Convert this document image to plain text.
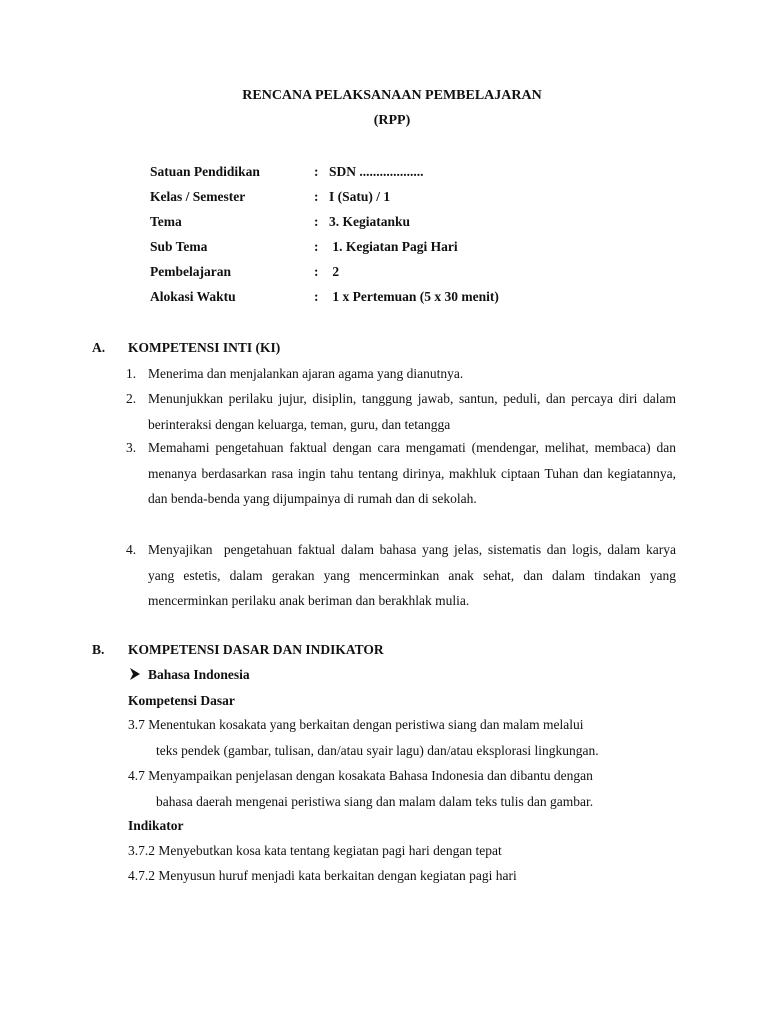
RENCANA PELAKSANAAN PEMBELAJARAN
(RPP)
Satuan Pendidikan	: SDN ...................
Kelas / Semester	: I (Satu) / 1
Tema	: 3. Kegiatanku
Sub Tema	: 1. Kegiatan Pagi Hari
Pembelajaran	: 2
Alokasi Waktu	: 1 x Pertemuan (5 x 30 menit)
A. KOMPETENSI INTI (KI)
1. Menerima dan menjalankan ajaran agama yang dianutnya.
2. Menunjukkan perilaku jujur, disiplin, tanggung jawab, santun, peduli, dan percaya diri dalam berinteraksi dengan keluarga, teman, guru, dan tetangga
3. Memahami pengetahuan faktual dengan cara mengamati (mendengar, melihat, membaca) dan menanya berdasarkan rasa ingin tahu tentang dirinya, makhluk ciptaan Tuhan dan kegiatannya, dan benda-benda yang dijumpainya di rumah dan di sekolah.
4. Menyajikan  pengetahuan faktual dalam bahasa yang jelas, sistematis dan logis, dalam karya yang estetis, dalam gerakan yang mencerminkan anak sehat, dan dalam tindakan yang mencerminkan perilaku anak beriman dan berakhlak mulia.
B. KOMPETENSI DASAR DAN INDIKATOR
Bahasa Indonesia
Kompetensi Dasar
3.7 Menentukan kosakata yang berkaitan dengan peristiwa siang dan malam melalui
teks pendek (gambar, tulisan, dan/atau syair lagu) dan/atau eksplorasi lingkungan.
4.7 Menyampaikan penjelasan dengan kosakata Bahasa Indonesia dan dibantu dengan
bahasa daerah mengenai peristiwa siang dan malam dalam teks tulis dan gambar.
Indikator
3.7.2 Menyebutkan kosa kata tentang kegiatan pagi hari dengan tepat
4.7.2 Menyusun huruf menjadi kata berkaitan dengan kegiatan pagi hari
